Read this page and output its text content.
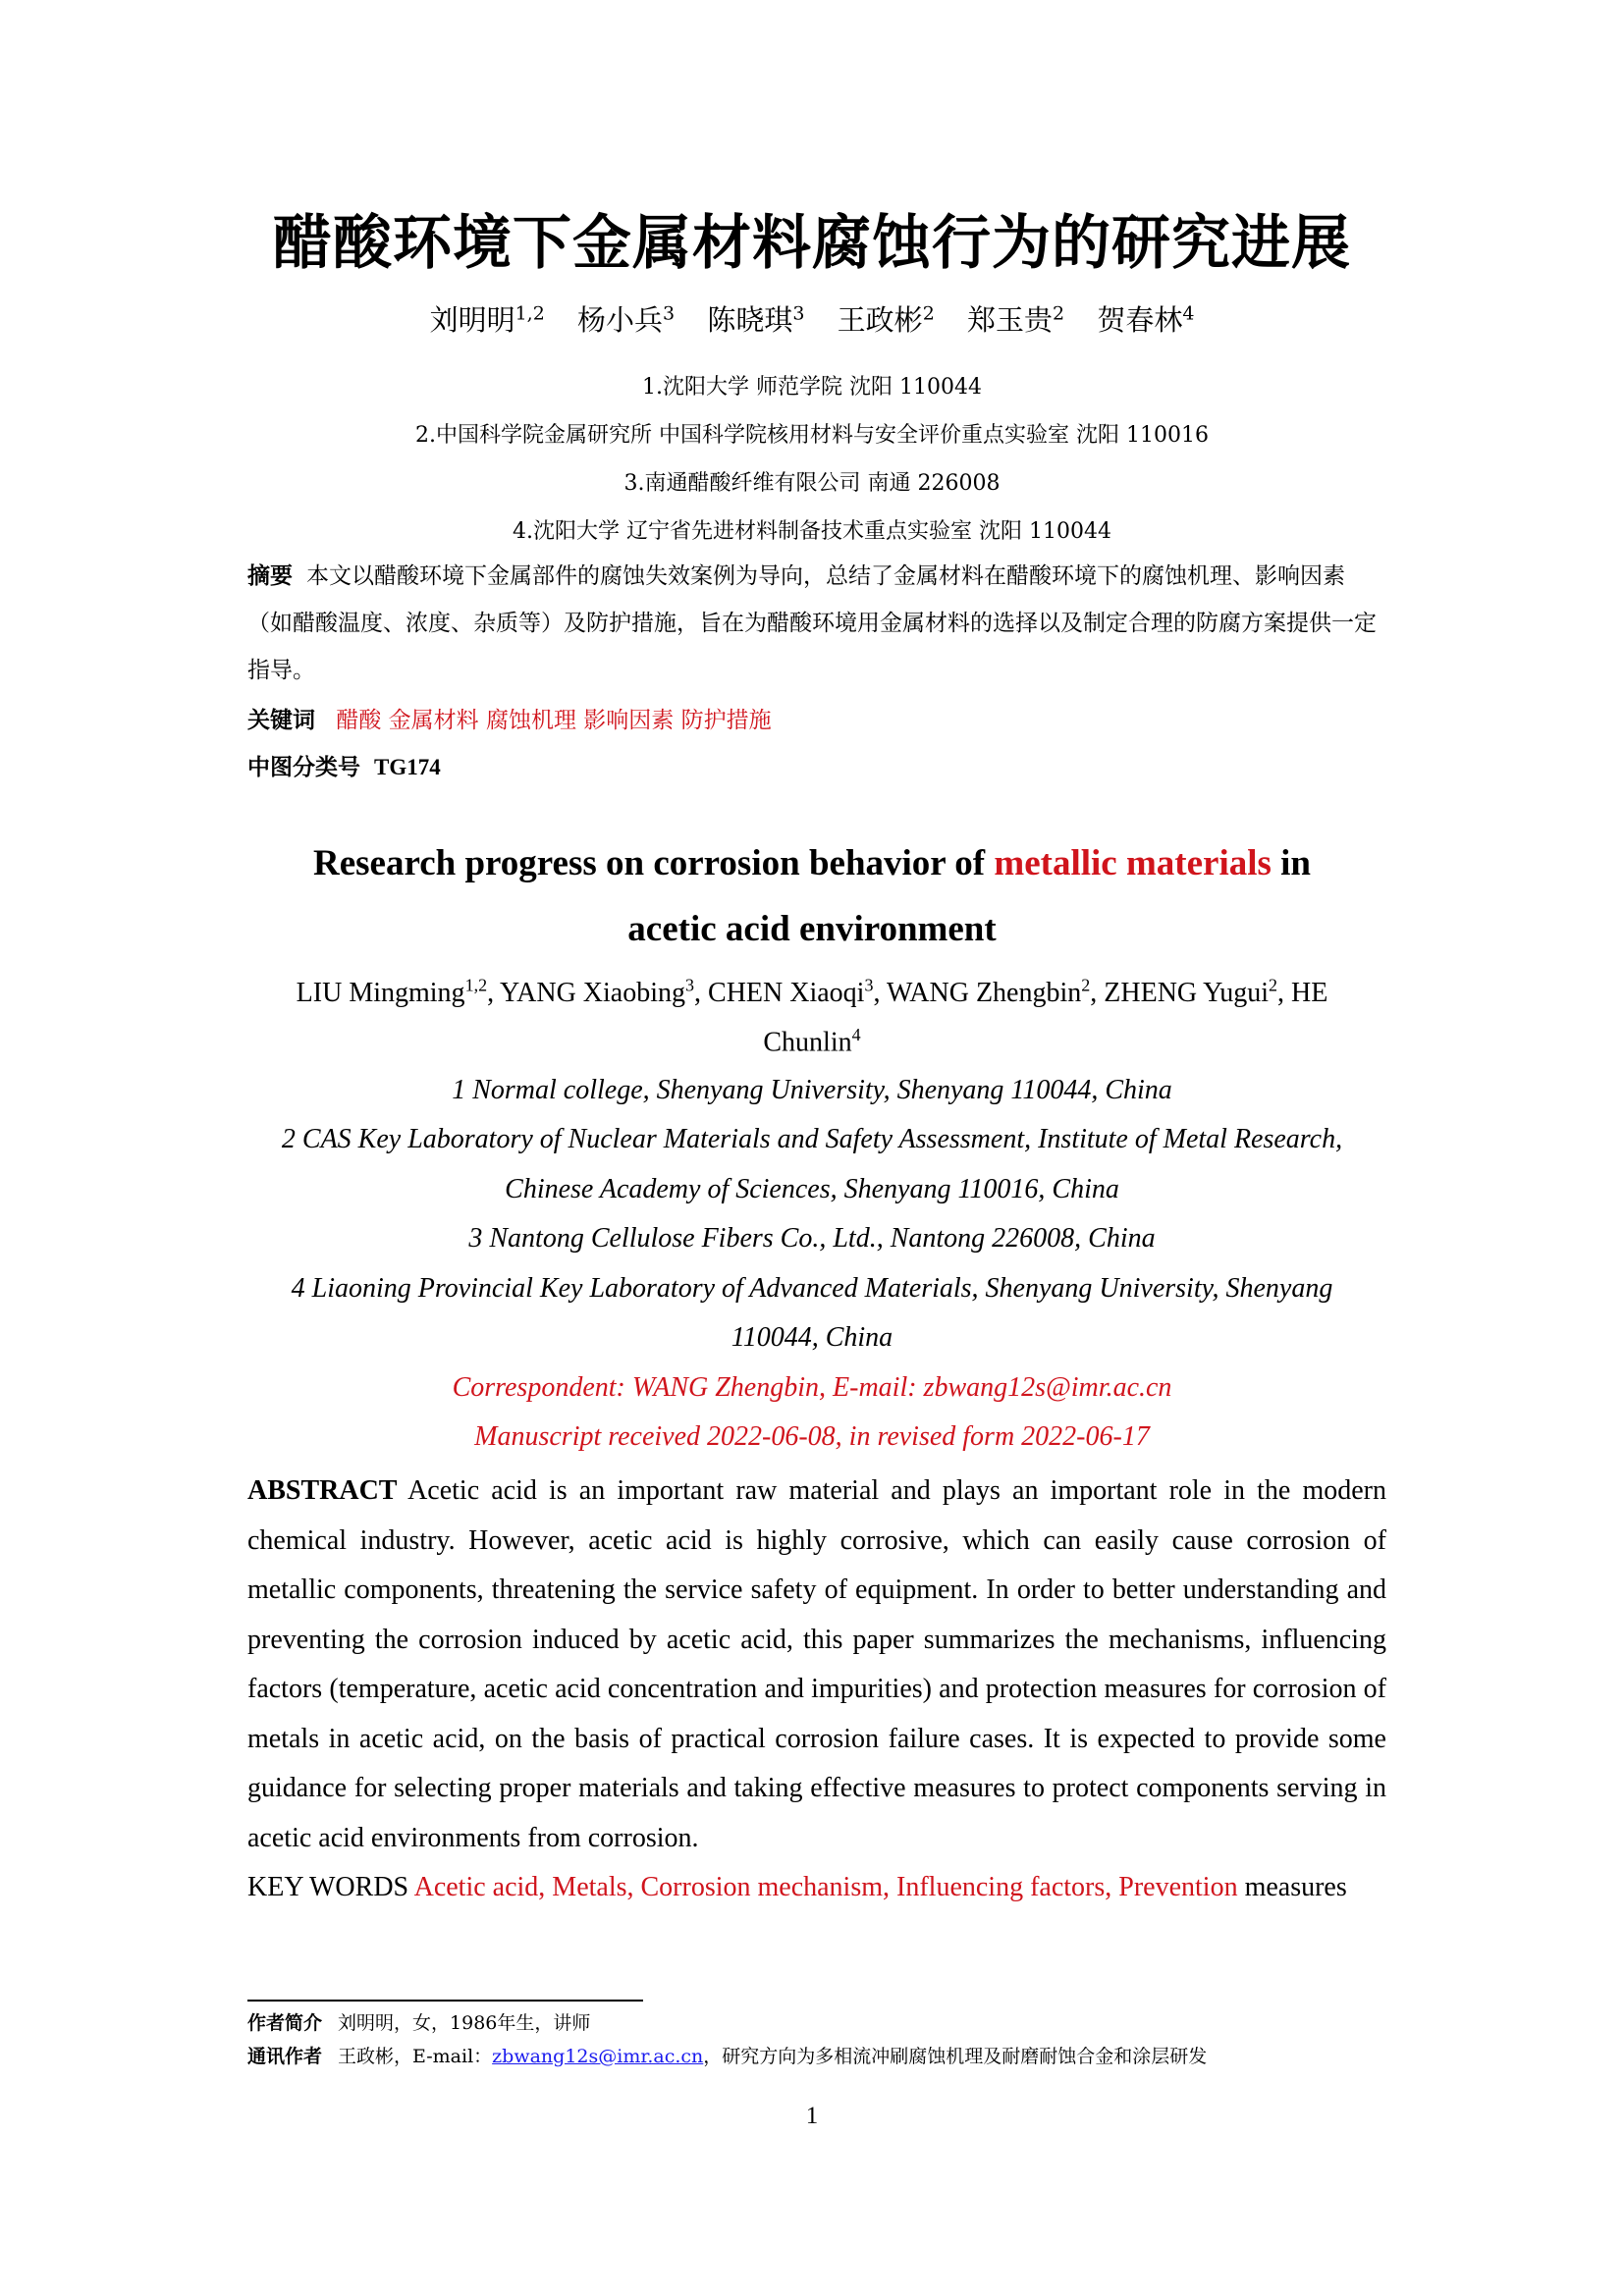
醋酸环境下金属材料腐蚀行为的研究进展
刘明明$^{1,2}$ 杨小兵$^3$ 陈晓琪$^3$ 王政彬$^2$ 郑玉贵$^2$ 贺春林$^4$
1.沈阳大学 师范学院 沈阳 110044
2.中国科学院金属研究所 中国科学院核用材料与安全评价重点实验室 沈阳 110016
3.南通醋酸纤维有限公司 南通 226008
4.沈阳大学 辽宁省先进材料制备技术重点实验室 沈阳 110044
摘要 本文以醋酸环境下金属部件的腐蚀失效案例为导向，总结了金属材料在醋酸环境下的腐蚀机理、影响因素（如醋酸温度、浓度、杂质等）及防护措施，旨在为醋酸环境用金属材料的选择以及制定合理的防腐方案提供一定指导。
关键词 醋酸 金属材料 腐蚀机理 影响因素 防护措施
中图分类号 TG174
Research progress on corrosion behavior of metallic materials in
acetic acid environment
LIU Mingming$^{1,2}$, YANG Xiaobing$^3$, CHEN Xiaoqi$^3$, WANG Zhengbin$^2$, ZHENG Yugui$^2$, HE
Chunlin$^4$
1 Normal college, Shenyang University, Shenyang 110044, China
2 CAS Key Laboratory of Nuclear Materials and Safety Assessment, Institute of Metal Research,
Chinese Academy of Sciences, Shenyang 110016, China
3 Nantong Cellulose Fibers Co., Ltd., Nantong 226008, China
4 Liaoning Provincial Key Laboratory of Advanced Materials, Shenyang University, Shenyang
110044, China
Correspondent: WANG Zhengbin, E-mail: zbwang12s@imr.ac.cn
Manuscript received 2022-06-08, in revised form 2022-06-17
ABSTRACT Acetic acid is an important raw material and plays an important role in the modern chemical industry. However, acetic acid is highly corrosive, which can easily cause corrosion of metallic components, threatening the service safety of equipment. In order to better understanding and preventing the corrosion induced by acetic acid, this paper summarizes the mechanisms, influencing factors (temperature, acetic acid concentration and impurities) and protection measures for corrosion of metals in acetic acid, on the basis of practical corrosion failure cases. It is expected to provide some guidance for selecting proper materials and taking effective measures to protect components serving in acetic acid environments from corrosion.
KEY WORDS Acetic acid, Metals, Corrosion mechanism, Influencing factors, Prevention measures
作者简介 刘明明，女，1986年生，讲师
通讯作者 王政彬，E-mail：zbwang12s@imr.ac.cn，研究方向为多相流冲刷腐蚀机理及耐磨耐蚀合金和涂层研发
1
